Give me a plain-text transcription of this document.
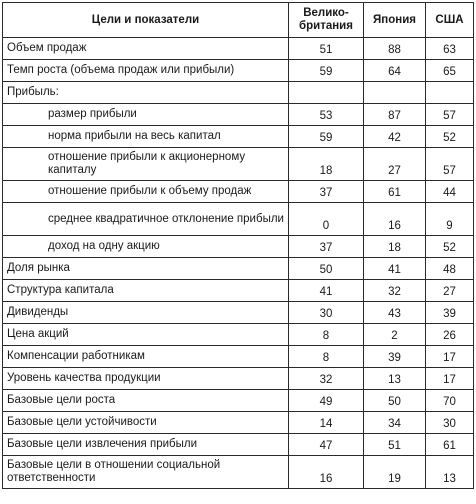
Цели и показатели	Велико-британия	Япония	США
Объем продаж	51	88	63
Темп роста (объема продаж или прибыли)	59	64	65
Прибыль:			
размер прибыли	53	87	57
норма прибыли на весь капитал	59	42	52
отношение прибыли к акционерному капиталу	18	27	57
отношение прибыли к объему продаж	37	61	44
среднее квадратичное отклонение прибыли	0	16	9
доход на одну акцию	37	18	52
Доля рынка	50	41	48
Структура капитала	41	32	27
Дивиденды	30	43	39
Цена акций	8	2	26
Компенсации работникам	8	39	17
Уровень качества продукции	32	13	17
Базовые цели роста	49	50	70
Базовые цели устойчивости	14	34	30
Базовые цели извлечения прибыли	47	51	61
Базовые цели в отношении социальной ответственности	16	19	13
